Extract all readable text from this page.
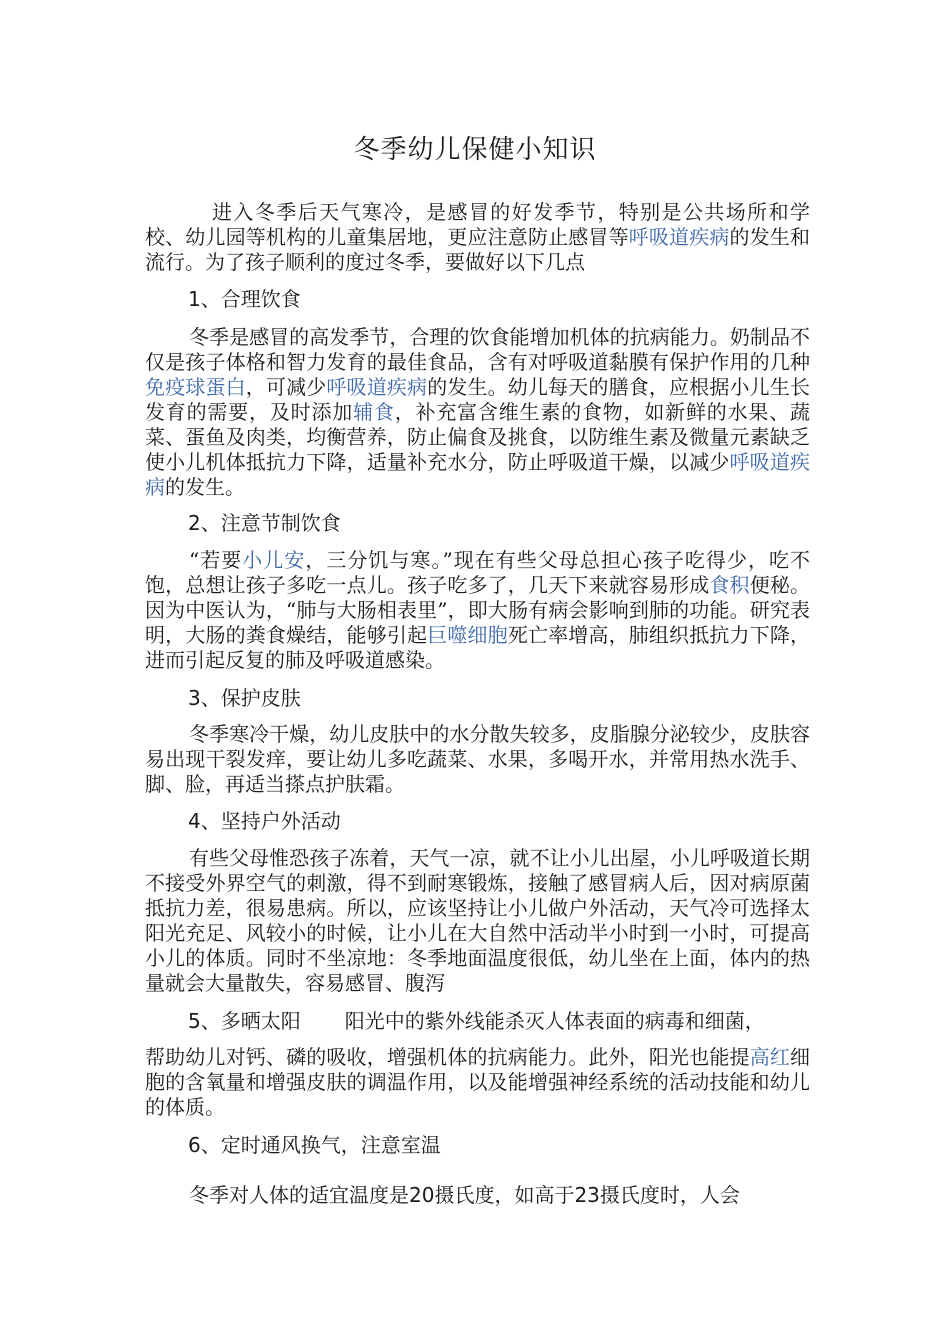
冬季幼儿保健小知识

进入冬季后天气寒冷，是感冒的好发季节，特别是公共场所和学校、幼儿园等机构的儿童集居地，更应注意防止感冒等呼吸道疾病的发生和流行。为了孩子顺利的度过冬季，要做好以下几点

1、合理饮食

冬季是感冒的高发季节，合理的饮食能增加机体的抗病能力。奶制品不仅是孩子体格和智力发育的最佳食品，含有对呼吸道黏膜有保护作用的几种免疫球蛋白，可减少呼吸道疾病的发生。幼儿每天的膳食，应根据小儿生长发育的需要，及时添加辅食，补充富含维生素的食物，如新鲜的水果、蔬菜、蛋鱼及肉类，均衡营养，防止偏食及挑食，以防维生素及微量元素缺乏使小儿机体抵抗力下降，适量补充水分，防止呼吸道干燥，以减少呼吸道疾病的发生。

2、注意节制饮食

“若要小儿安，三分饥与寒。”现在有些父母总担心孩子吃得少，吃不饱，总想让孩子多吃一点儿。孩子吃多了，几天下来就容易形成食积便秘。因为中医认为，“肺与大肠相表里”，即大肠有病会影响到肺的功能。研究表明，大肠的粪食燥结，能够引起巨噬细胞死亡率增高，肺组织抵抗力下降，进而引起反复的肺及呼吸道感染。

3、保护皮肤

冬季寒冷干燥，幼儿皮肤中的水分散失较多，皮脂腺分泌较少，皮肤容易出现干裂发痒，要让幼儿多吃蔬菜、水果，多喝开水，并常用热水洗手、脚、脸，再适当搽点护肤霜。

4、坚持户外活动

有些父母惟恐孩子冻着，天气一凉，就不让小儿出屋，小儿呼吸道长期不接受外界空气的刺激，得不到耐寒锻炼，接触了感冒病人后，因对病原菌抵抗力差，很易患病。所以，应该坚持让小儿做户外活动，天气冷可选择太阳光充足、风较小的时候，让小儿在大自然中活动半小时到一小时，可提高小儿的体质。同时不坐凉地：冬季地面温度很低，幼儿坐在上面，体内的热量就会大量散失，容易感冒、腹泻

5、多晒太阳 阳光中的紫外线能杀灭人体表面的病毒和细菌，

帮助幼儿对钙、磷的吸收，增强机体的抗病能力。此外，阳光也能提高红细胞的含氧量和增强皮肤的调温作用，以及能增强神经系统的活动技能和幼儿的体质。

6、定时通风换气，注意室温

冬季对人体的适宜温度是20摄氏度，如高于23摄氏度时，人会
